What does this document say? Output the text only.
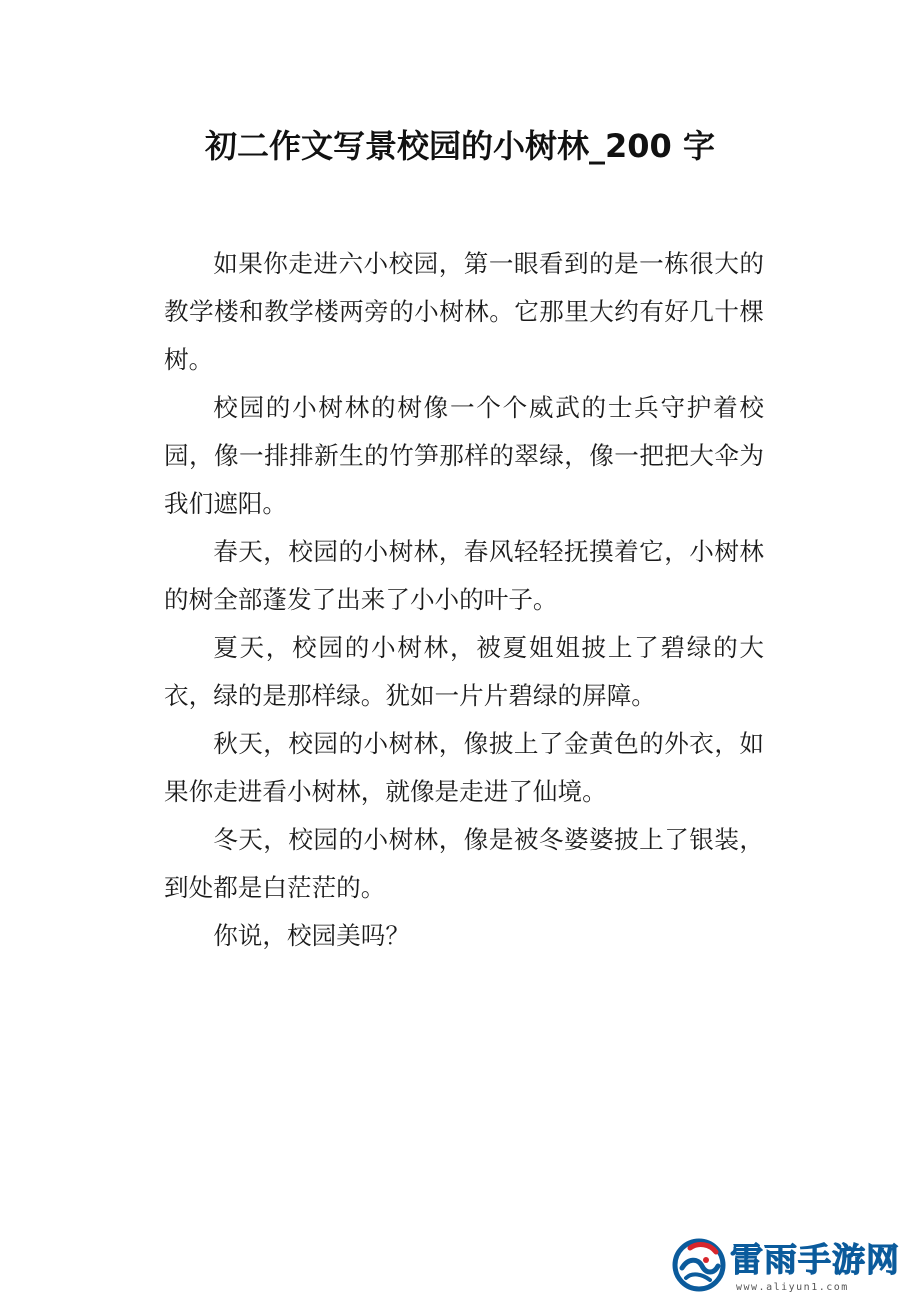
初二作文写景校园的小树林_200 字

如果你走进六小校园，第一眼看到的是一栋很大的教学楼和教学楼两旁的小树林。它那里大约有好几十棵树。

校园的小树林的树像一个个威武的士兵守护着校园，像一排排新生的竹笋那样的翠绿，像一把把大伞为我们遮阳。

春天，校园的小树林，春风轻轻抚摸着它，小树林的树全部蓬发了出来了小小的叶子。

夏天，校园的小树林，被夏姐姐披上了碧绿的大衣，绿的是那样绿。犹如一片片碧绿的屏障。

秋天，校园的小树林，像披上了金黄色的外衣，如果你走进看小树林，就像是走进了仙境。

冬天，校园的小树林，像是被冬婆婆披上了银装，到处都是白茫茫的。

你说，校园美吗？

雷雨手游网
www.aliyun1.com
